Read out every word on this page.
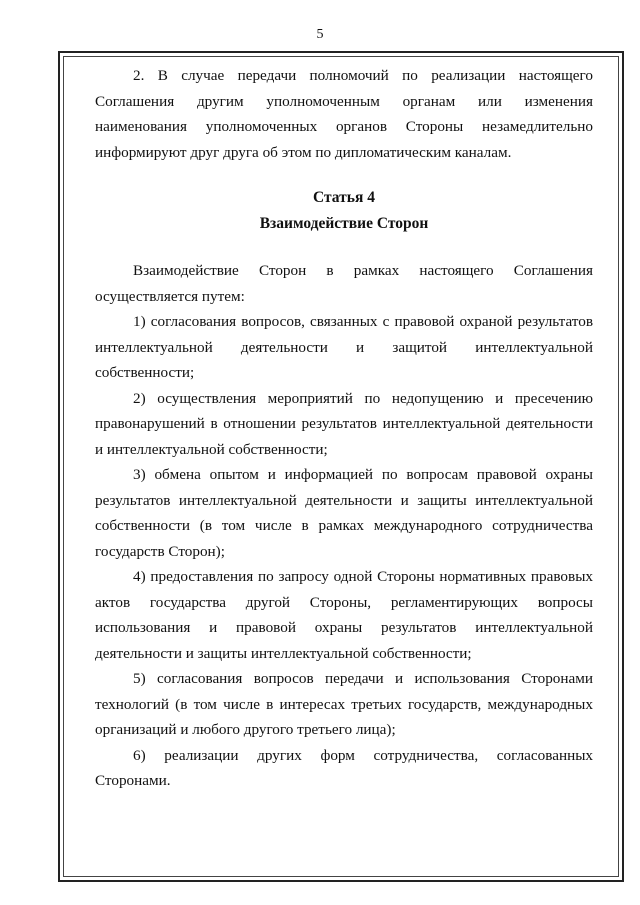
5

2. В случае передачи полномочий по реализации настоящего Соглашения другим уполномоченным органам или изменения наименования уполномоченных органов Стороны незамедлительно информируют друг друга об этом по дипломатическим каналам.

Статья 4

Взаимодействие Сторон

Взаимодействие Сторон в рамках настоящего Соглашения осуществляется путем:

1) согласования вопросов, связанных с правовой охраной результатов интеллектуальной деятельности и защитой интеллектуальной собственности;

2) осуществления мероприятий по недопущению и пресечению правонарушений в отношении результатов интеллектуальной деятельности и интеллектуальной собственности;

3) обмена опытом и информацией по вопросам правовой охраны результатов интеллектуальной деятельности и защиты интеллектуальной собственности (в том числе в рамках международного сотрудничества государств Сторон);

4) предоставления по запросу одной Стороны нормативных правовых актов государства другой Стороны, регламентирующих вопросы использования и правовой охраны результатов интеллектуальной деятельности и защиты интеллектуальной собственности;

5) согласования вопросов передачи и использования Сторонами технологий (в том числе в интересах третьих государств, международных организаций и любого другого третьего лица);

6) реализации других форм сотрудничества, согласованных Сторонами.
